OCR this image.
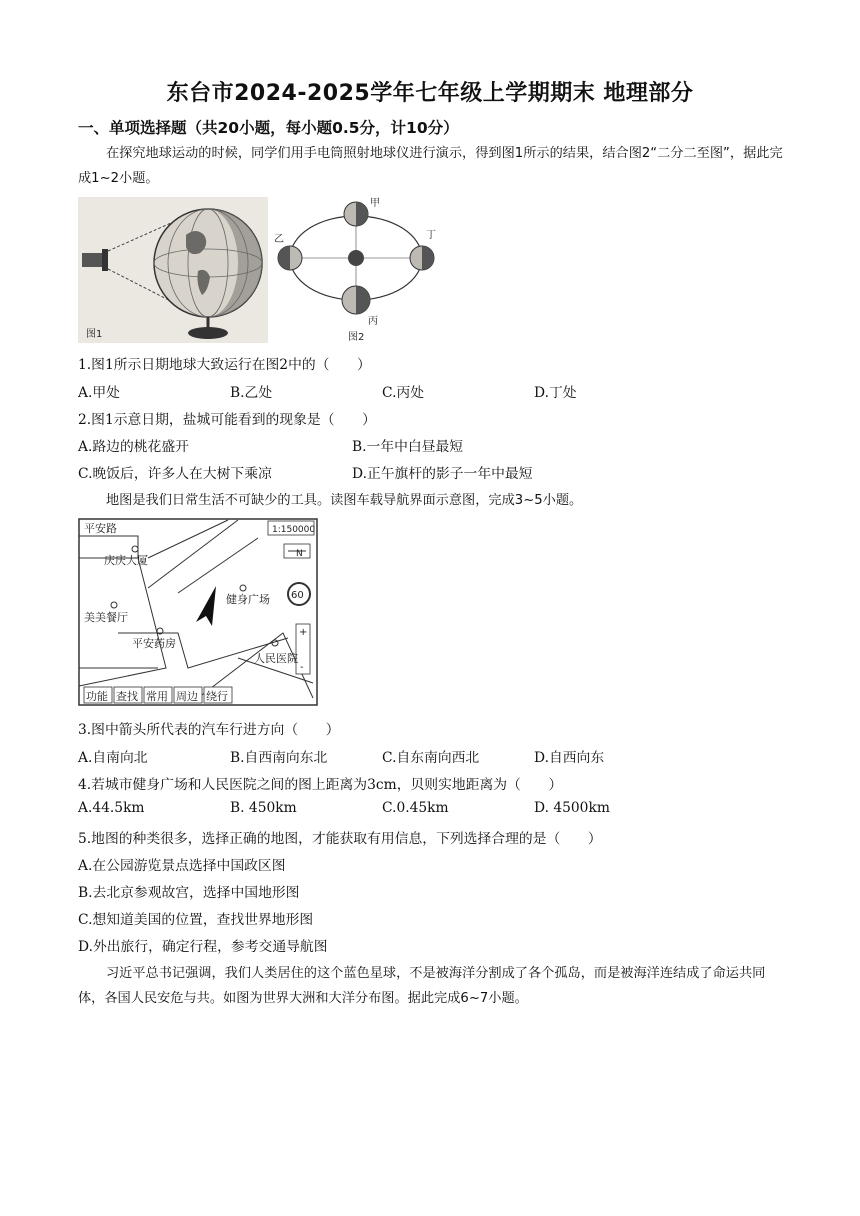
东台市2024-2025学年七年级上学期期末 地理部分
一、单项选择题（共20小题，每小题0.5分，计10分）
在探究地球运动的时候，同学们用手电筒照射地球仪进行演示，得到图1所示的结果，结合图2“二分二至图”，据此完成1~2小题。
图1
甲
乙
丙
丁
图2
1.图1所示日期地球大致运行在图2中的（　　）
A.甲处	B.乙处	C.丙处	D.丁处
2.图1示意日期，盐城可能看到的现象是（　　）
A.路边的桃花盛开	B.一年中白昼最短
C.晚饭后，许多人在大树下乘凉	D.正午旗杆的影子一年中最短
地图是我们日常生活不可缺少的工具。读图车载导航界面示意图，完成3~5小题。
1:150000
N
60
+
-
平安路
庆庆大厦
美美餐厅
平安药房
健身广场
人民医院
功能 查找 常用 周边 绕行
3.图中箭头所代表的汽车行进方向（　　）
A.自南向北	B.自西南向东北	C.自东南向西北	D.自西向东
4.若城市健身广场和人民医院之间的图上距离为3cm，贝则实地距离为（　　）
A.44.5km	B. 450km	C.0.45km	D. 4500km
5.地图的种类很多，选择正确的地图，才能获取有用信息，下列选择合理的是（　　）
A.在公园游览景点选择中国政区图
B.去北京参观故宫，选择中国地形图
C.想知道美国的位置，查找世界地形图
D.外出旅行，确定行程，参考交通导航图
习近平总书记强调，我们人类居住的这个蓝色星球，不是被海洋分割成了各个孤岛，而是被海洋连结成了命运共同体，各国人民安危与共。如图为世界大洲和大洋分布图。据此完成6~7小题。
